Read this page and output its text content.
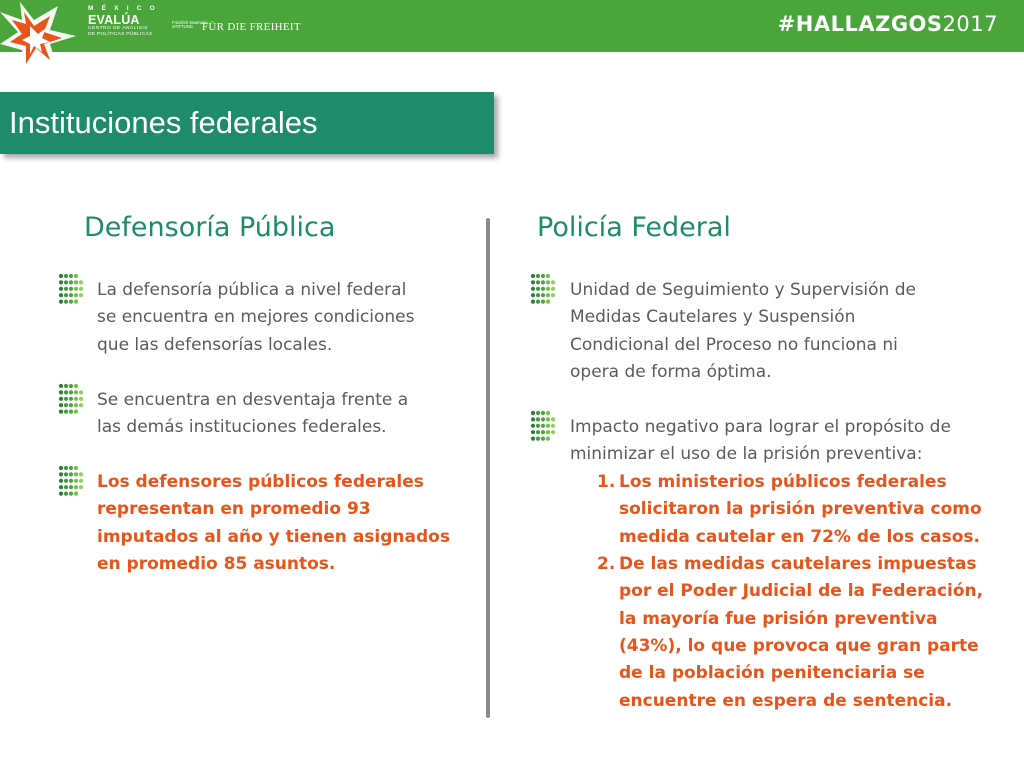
M É X I C O
EVALÚA
CENTRO DE ANÁLISIS
DE POLÍTICAS PÚBLICAS
Friedrich Naumann
STIFTUNG FÜR DIE FREIHEIT	#HALLAZGOS2017
Instituciones federales
Defensoría Pública
La defensoría pública a nivel federal
se encuentra en mejores condiciones
que las defensorías locales.
Se encuentra en desventaja frente a
las demás instituciones federales.
Los defensores públicos federales
representan en promedio 93
imputados al año y tienen asignados
en promedio 85 asuntos.
Policía Federal
Unidad de Seguimiento y Supervisión de
Medidas Cautelares y Suspensión
Condicional del Proceso no funciona ni
opera de forma óptima.
Impacto negativo para lograr el propósito de
minimizar el uso de la prisión preventiva:
1. Los ministerios públicos federales
solicitaron la prisión preventiva como
medida cautelar en 72% de los casos.
2. De las medidas cautelares impuestas
por el Poder Judicial de la Federación,
la mayoría fue prisión preventiva
(43%), lo que provoca que gran parte
de la población penitenciaria se
encuentre en espera de sentencia.
